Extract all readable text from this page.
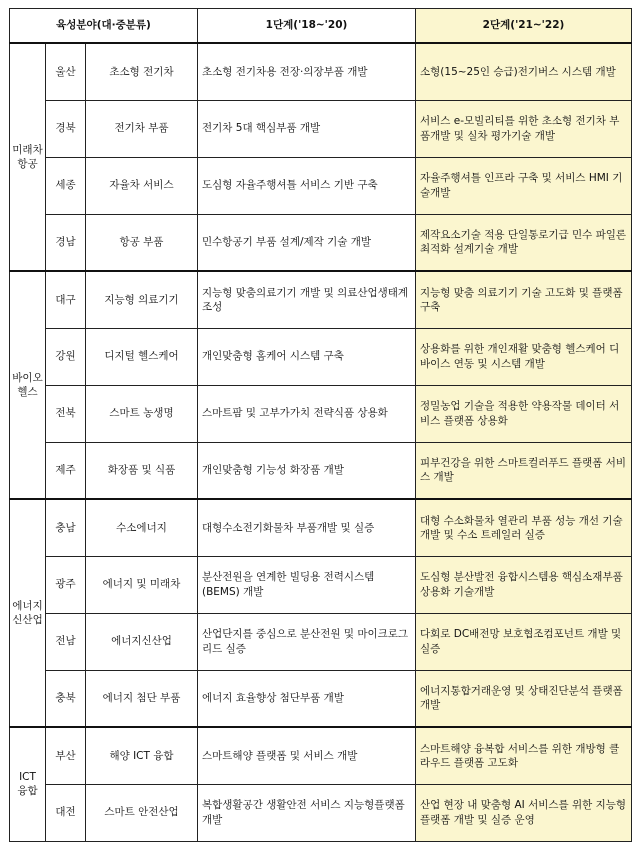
육성분야(대·중분류)			1단계('18~'20)	2단계('21~'22)

미래차
항공	울산	초소형 전기차	초소형 전기차용 전장·의장부품 개발	소형(15~25인 승급)전기버스 시스템 개발
	경북	전기차 부품	전기차 5대 핵심부품 개발	서비스 e-모빌리티를 위한 초소형 전기차 부품개발 및 실차 평가기술 개발
	세종	자율차 서비스	도심형 자율주행셔틀 서비스 기반 구축	자율주행셔틀 인프라 구축 및 서비스 HMI 기술개발
	경남	항공 부품	민수항공기 부품 설계/제작 기술 개발	제작요소기술 적용 단일통로기급 민수 파일론 최적화 설계기술 개발

바이오
헬스	대구	지능형 의료기기	지능형 맞춤의료기기 개발 및 의료산업생태계 조성	지능형 맞춤 의료기기 기술 고도화 및 플랫폼 구축
	강원	디지털 헬스케어	개인맞춤형 홈케어 시스템 구축	상용화를 위한 개인재활 맞춤형 헬스케어 디바이스 연동 및 시스템 개발
	전북	스마트 농생명	스마트팜 및 고부가가치 전략식품 상용화	정밀농업 기술을 적용한 약용작물 데이터 서비스 플랫폼 상용화
	제주	화장품 및 식품	개인맞춤형 기능성 화장품 개발	피부건강을 위한 스마트컬러푸드 플랫폼 서비스 개발

에너지
신산업	충남	수소에너지	대형수소전기화물차 부품개발 및 실증	대형 수소화물차 열관리 부품 성능 개선 기술개발 및 수소 트레일러 실증
	광주	에너지 및 미래차	분산전원을 연계한 빌딩용 전력시스템(BEMS) 개발	도심형 분산발전 융합시스템용 핵심소재부품 상용화 기술개발
	전남	에너지신산업	산업단지를 중심으로 분산전원 및 마이크로그리드 실증	다회로 DC배전망 보호협조컴포넌트 개발 및 실증
	충북	에너지 첨단 부품	에너지 효율향상 첨단부품 개발	에너지통합거래운영 및 상태진단분석 플랫폼개발

ICT
융합	부산	해양 ICT 융합	스마트해양 플랫폼 및 서비스 개발	스마트해양 융복합 서비스를 위한 개방형 클라우드 플랫폼 고도화
	대전	스마트 안전산업	복합생활공간 생활안전 서비스 지능형플랫폼 개발	산업 현장 내 맞춤형 AI 서비스를 위한 지능형 플랫폼 개발 및 실증 운영
